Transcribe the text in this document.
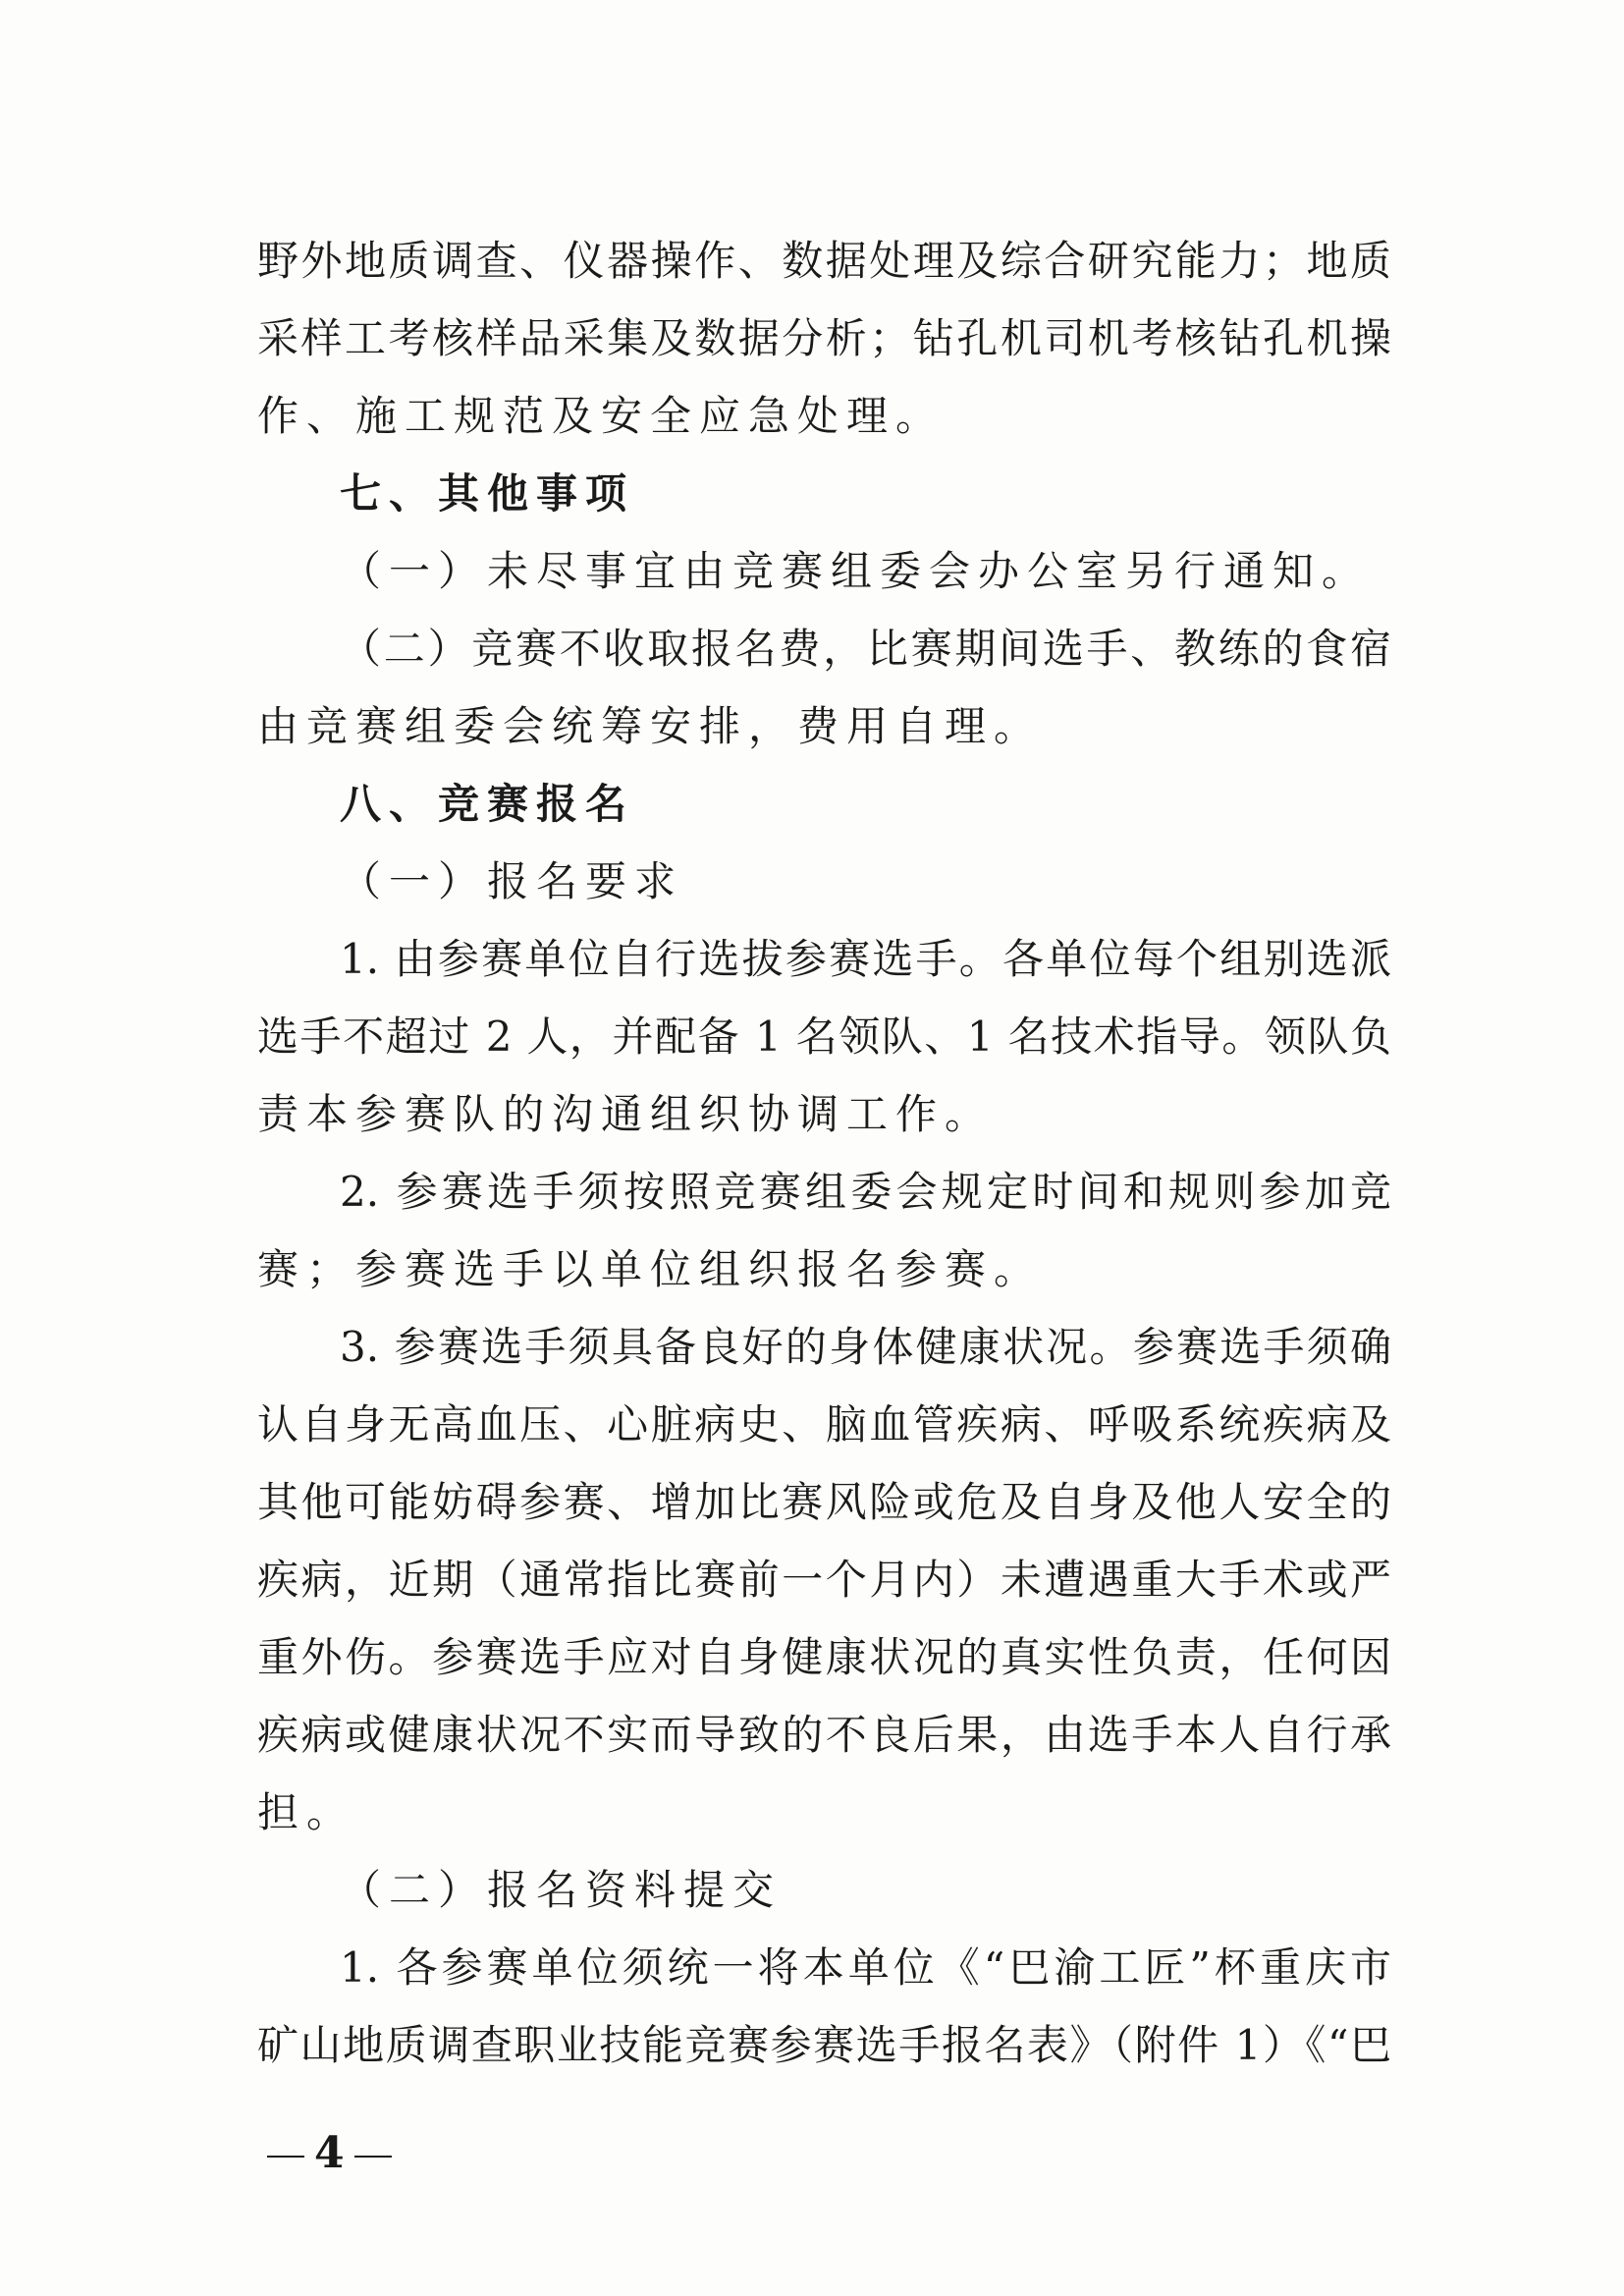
野外地质调查、仪器操作、数据处理及综合研究能力；地质
采样工考核样品采集及数据分析；钻孔机司机考核钻孔机操
作、施工规范及安全应急处理。
七、其他事项
（一）未尽事宜由竞赛组委会办公室另行通知。
（二）竞赛不收取报名费，比赛期间选手、教练的食宿
由竞赛组委会统筹安排，费用自理。
八、竞赛报名
（一）报名要求
1. 由参赛单位自行选拔参赛选手。各单位每个组别选派
选手不超过 2 人，并配备 1 名领队、1 名技术指导。领队负
责本参赛队的沟通组织协调工作。
2. 参赛选手须按照竞赛组委会规定时间和规则参加竞
赛；参赛选手以单位组织报名参赛。
3. 参赛选手须具备良好的身体健康状况。参赛选手须确
认自身无高血压、心脏病史、脑血管疾病、呼吸系统疾病及
其他可能妨碍参赛、增加比赛风险或危及自身及他人安全的
疾病，近期（通常指比赛前一个月内）未遭遇重大手术或严
重外伤。参赛选手应对自身健康状况的真实性负责，任何因
疾病或健康状况不实而导致的不良后果，由选手本人自行承
担。
（二）报名资料提交
1. 各参赛单位须统一将本单位《“巴渝工匠”杯重庆市
矿山地质调查职业技能竞赛参赛选手报名表》（附件 1）《“巴
4
